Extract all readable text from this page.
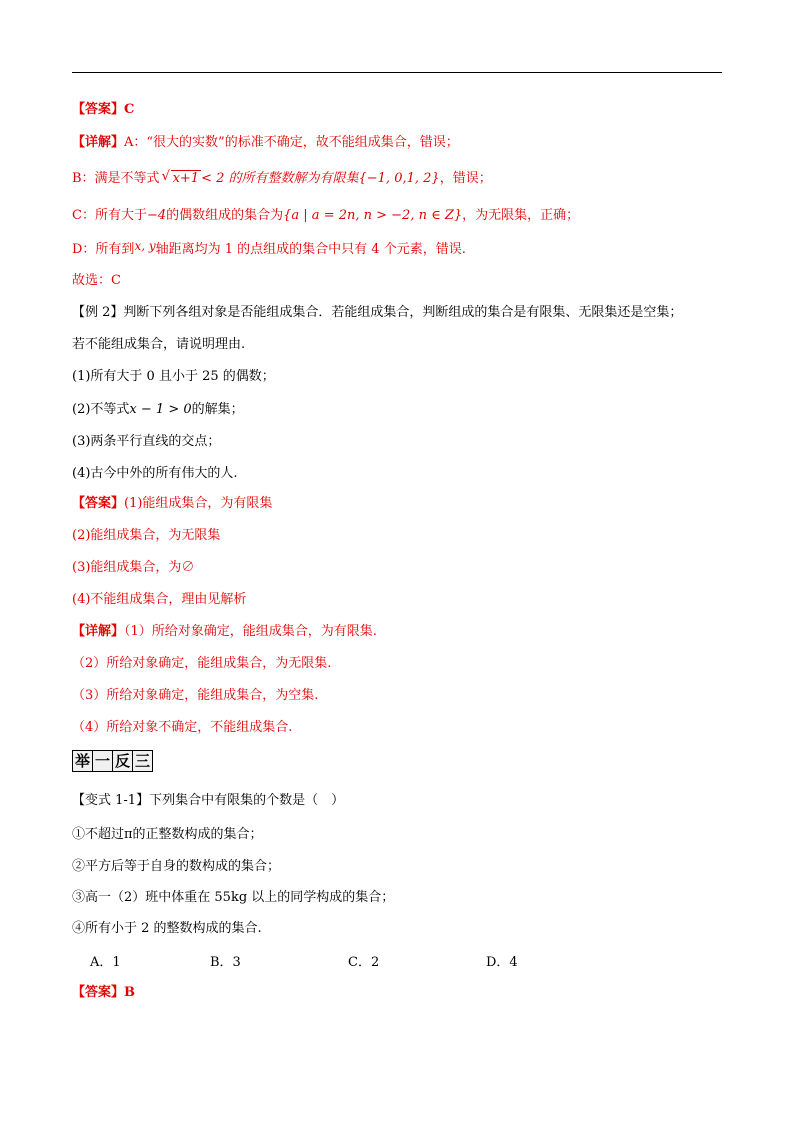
【答案】C
【详解】A：“很大的实数”的标准不确定，故不能组成集合，错误；
B：满是不等式 √ x+1 < 2 的所有整数解为有限集{−1, 0,1, 2}，错误；
C：所有大于−4的偶数组成的集合为{a | a = 2n, n > −2, n ∈ Z}，为无限集，正确；
D：所有到x, y轴距离均为 1 的点组成的集合中只有 4 个元素，错误.
故选：C
【例 2】判断下列各组对象是否能组成集合．若能组成集合，判断组成的集合是有限集、无限集还是空集；
若不能组成集合，请说明理由.
(1)所有大于 0 且小于 25 的偶数；
(2)不等式x − 1 > 0的解集；
(3)两条平行直线的交点；
(4)古今中外的所有伟大的人.
【答案】(1)能组成集合，为有限集
(2)能组成集合，为无限集
(3)能组成集合，为∅
(4)不能组成集合，理由见解析
【详解】（1）所给对象确定，能组成集合，为有限集.
（2）所给对象确定，能组成集合，为无限集.
（3）所给对象确定，能组成集合，为空集.
（4）所给对象不确定，不能组成集合.
举 一 反 三
【变式 1-1】下列集合中有限集的个数是（　）
①不超过π的正整数构成的集合；
②平方后等于自身的数构成的集合；
③高一（2）班中体重在 55kg 以上的同学构成的集合；
④所有小于 2 的整数构成的集合.
A．1	B．3	C．2	D．4
【答案】B
